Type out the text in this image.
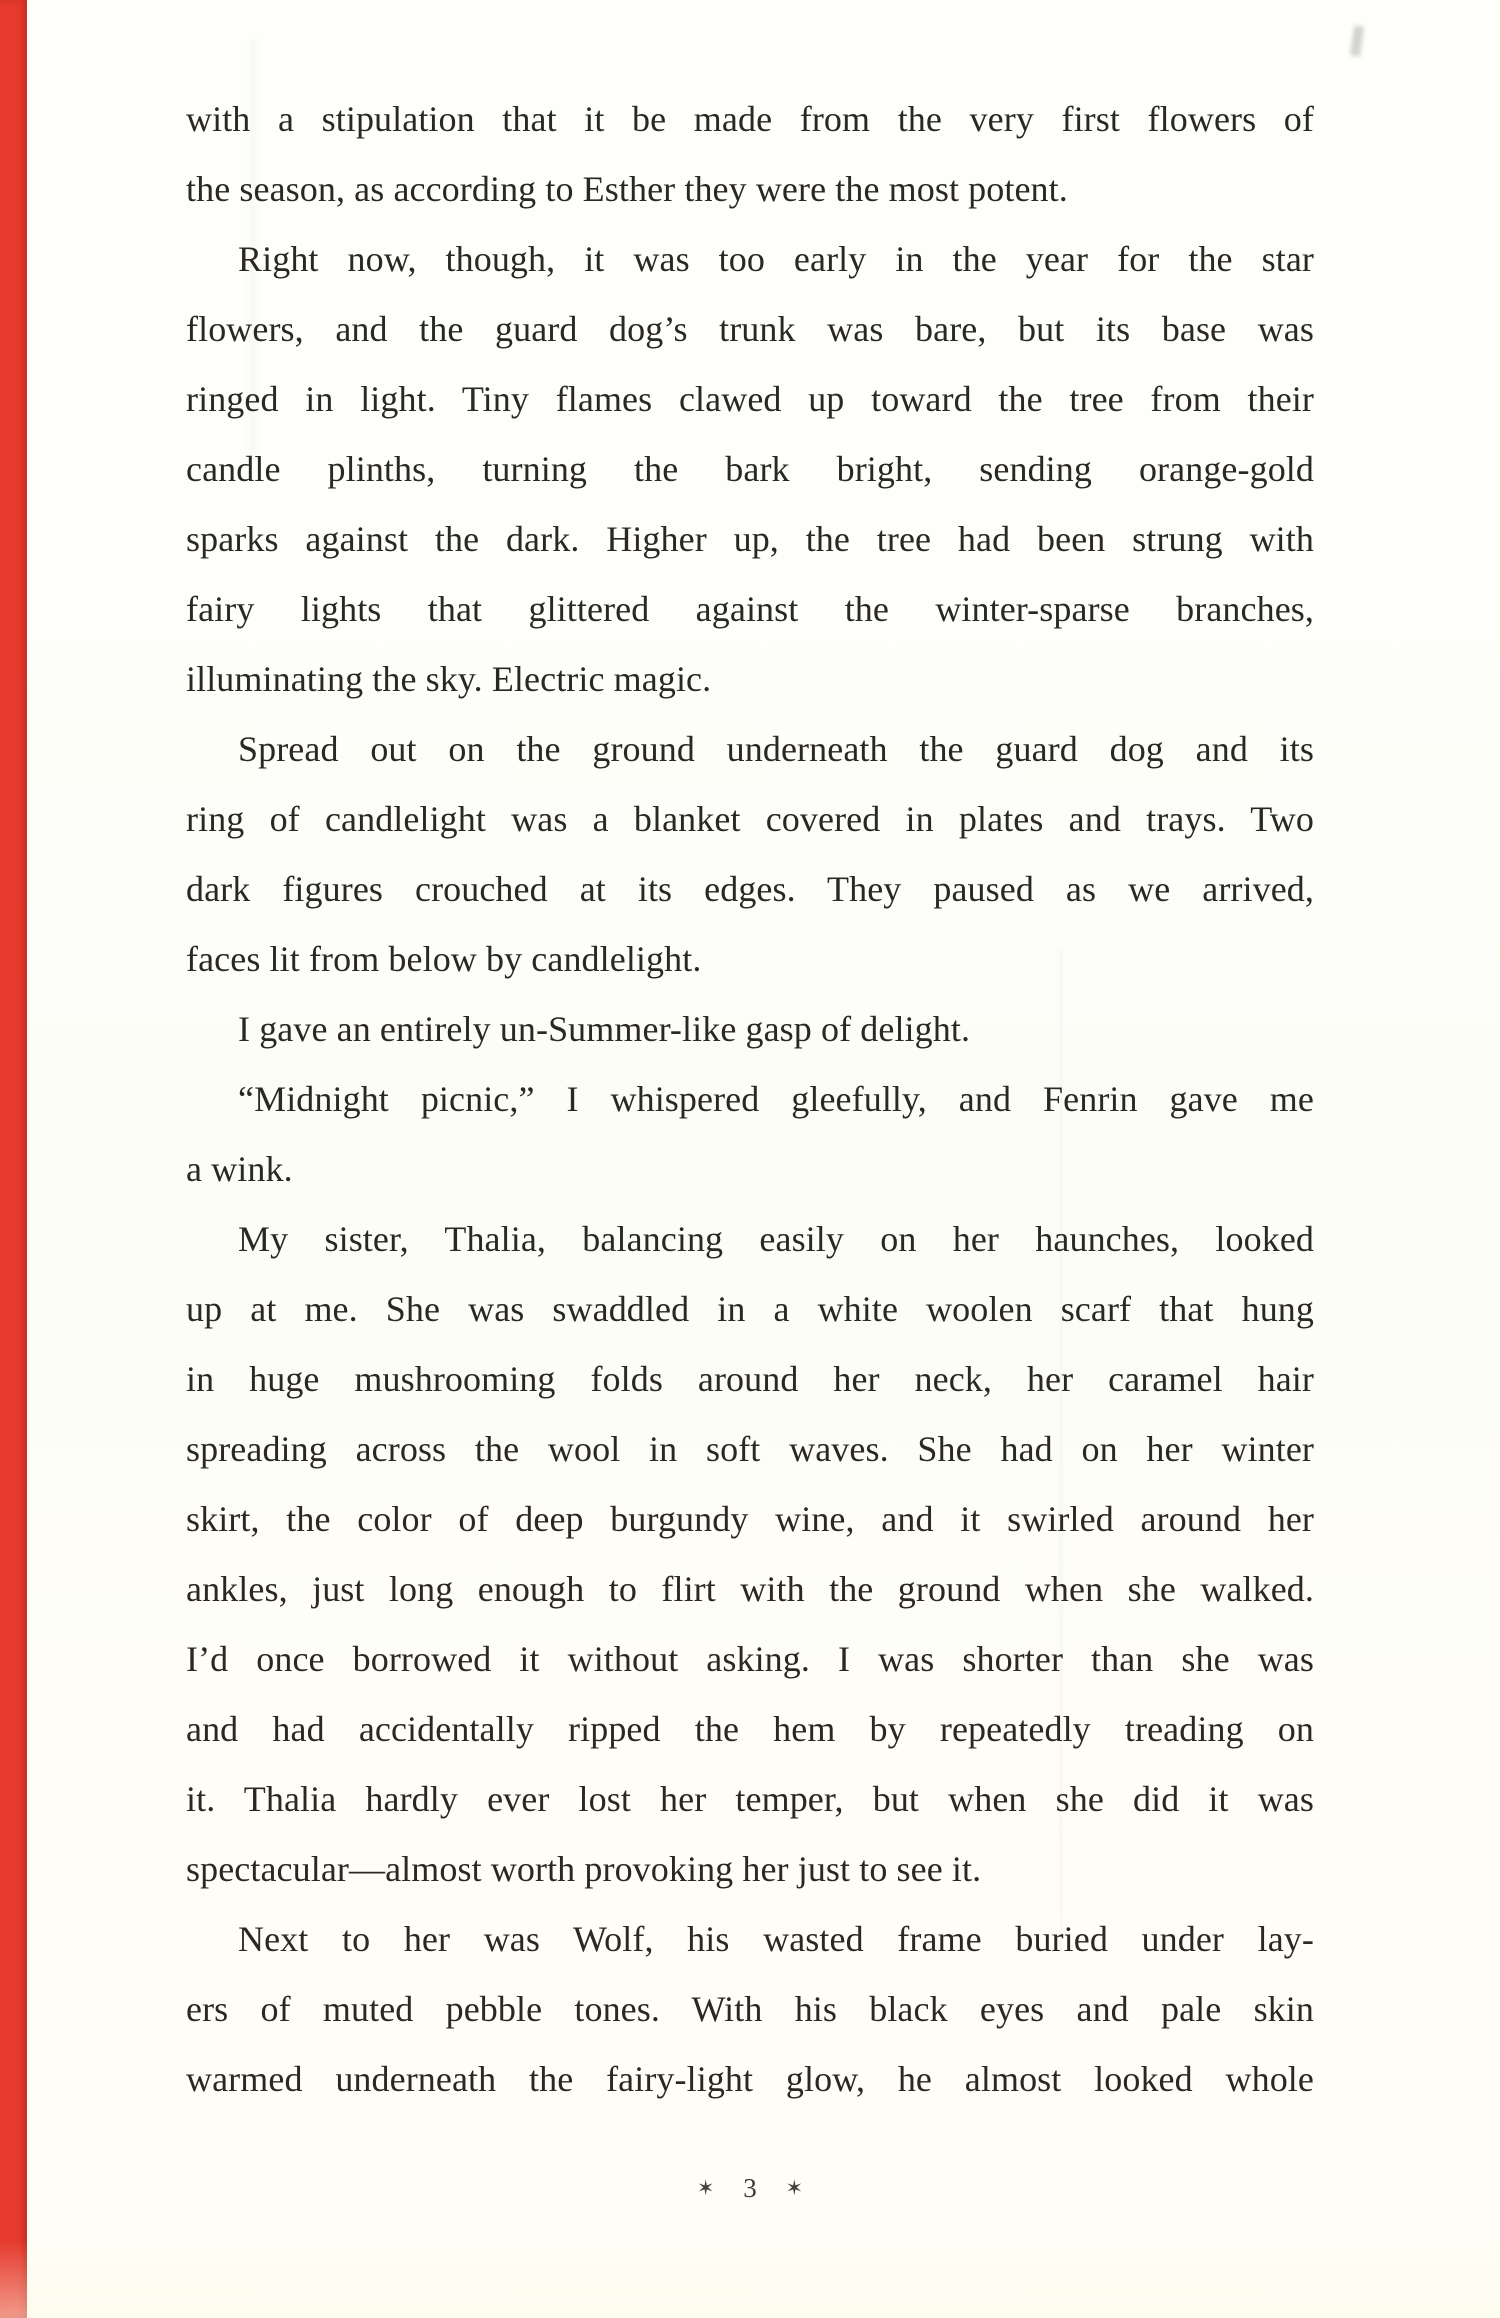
with a stipulation that it be made from the very first flowers of
the season, as according to Esther they were the most potent.
Right now, though, it was too early in the year for the star
flowers, and the guard dog’s trunk was bare, but its base was
ringed in light. Tiny flames clawed up toward the tree from their
candle plinths, turning the bark bright, sending orange-gold
sparks against the dark. Higher up, the tree had been strung with
fairy lights that glittered against the winter-sparse branches,
illuminating the sky. Electric magic.
Spread out on the ground underneath the guard dog and its
ring of candlelight was a blanket covered in plates and trays. Two
dark figures crouched at its edges. They paused as we arrived,
faces lit from below by candlelight.
I gave an entirely un-Summer-like gasp of delight.
“Midnight picnic,” I whispered gleefully, and Fenrin gave me
a wink.
My sister, Thalia, balancing easily on her haunches, looked
up at me. She was swaddled in a white woolen scarf that hung
in huge mushrooming folds around her neck, her caramel hair
spreading across the wool in soft waves. She had on her winter
skirt, the color of deep burgundy wine, and it swirled around her
ankles, just long enough to flirt with the ground when she walked.
I’d once borrowed it without asking. I was shorter than she was
and had accidentally ripped the hem by repeatedly treading on
it. Thalia hardly ever lost her temper, but when she did it was
spectacular—almost worth provoking her just to see it.
Next to her was Wolf, his wasted frame buried under lay-
ers of muted pebble tones. With his black eyes and pale skin
warmed underneath the fairy-light glow, he almost looked whole
✶ 3 ✶
